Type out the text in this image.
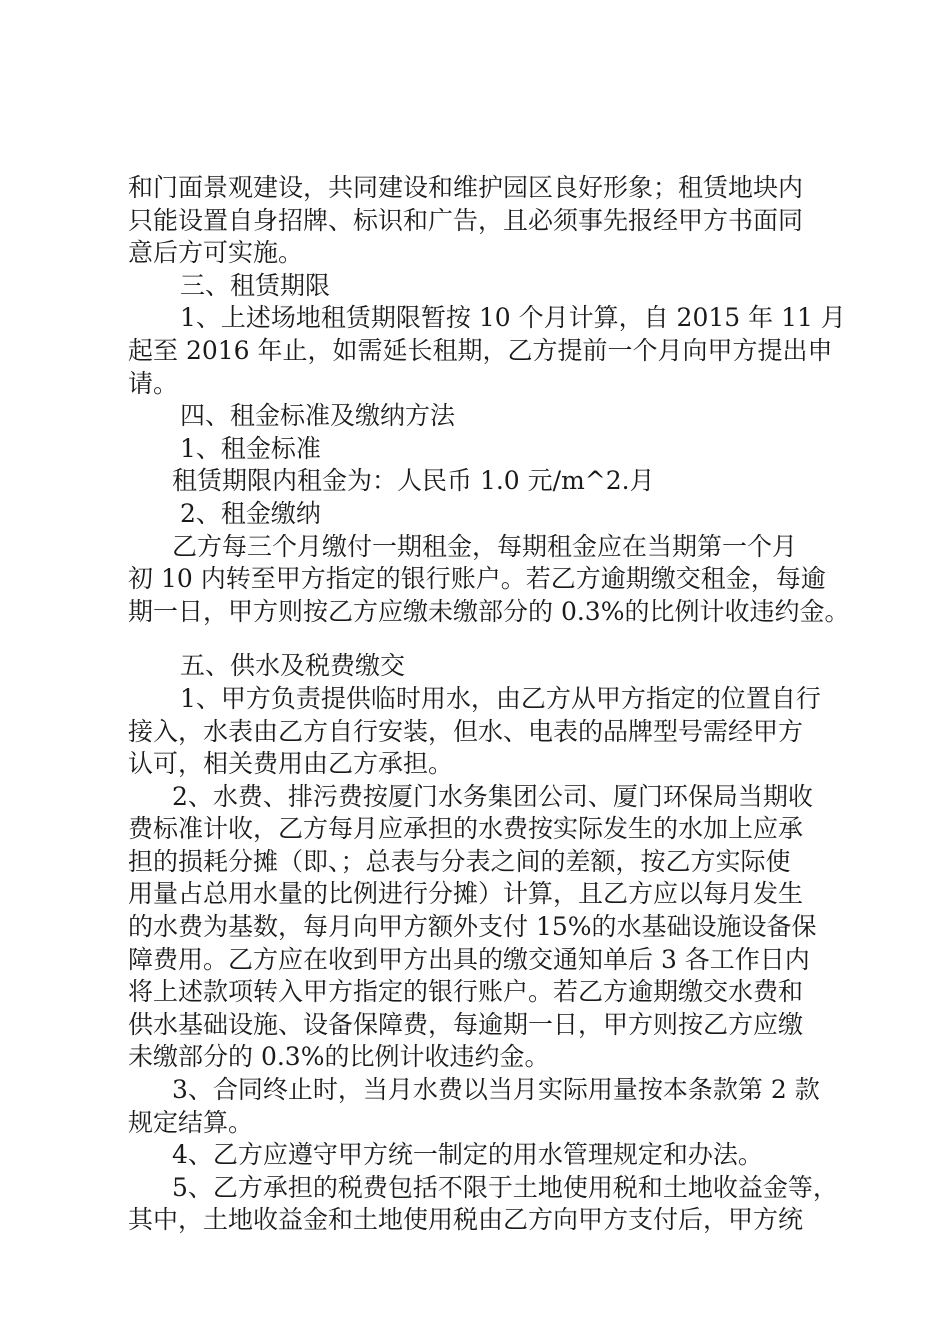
和门面景观建设，共同建设和维护园区良好形象；租赁地块内
只能设置自身招牌、标识和广告，且必须事先报经甲方书面同
意后方可实施。
三、租赁期限
1、上述场地租赁期限暂按 10 个月计算，自 2015 年 11 月
起至 2016 年止，如需延长租期，乙方提前一个月向甲方提出申
请。
四、租金标准及缴纳方法
1、租金标准
租赁期限内租金为：人民币 1.0 元/m^2.月
2、租金缴纳
乙方每三个月缴付一期租金，每期租金应在当期第一个月
初 10 内转至甲方指定的银行账户。若乙方逾期缴交租金，每逾
期一日，甲方则按乙方应缴未缴部分的 0.3%的比例计收违约金。
五、供水及税费缴交
1、甲方负责提供临时用水，由乙方从甲方指定的位置自行
接入，水表由乙方自行安装，但水、电表的品牌型号需经甲方
认可，相关费用由乙方承担。
2、水费、排污费按厦门水务集团公司、厦门环保局当期收
费标准计收，乙方每月应承担的水费按实际发生的水加上应承
担的损耗分摊（即、；总表与分表之间的差额，按乙方实际使
用量占总用水量的比例进行分摊）计算，且乙方应以每月发生
的水费为基数，每月向甲方额外支付 15%的水基础设施设备保
障费用。乙方应在收到甲方出具的缴交通知单后 3 各工作日内
将上述款项转入甲方指定的银行账户。若乙方逾期缴交水费和
供水基础设施、设备保障费，每逾期一日，甲方则按乙方应缴
未缴部分的 0.3%的比例计收违约金。
3、合同终止时，当月水费以当月实际用量按本条款第 2 款
规定结算。
4、乙方应遵守甲方统一制定的用水管理规定和办法。
5、乙方承担的税费包括不限于土地使用税和土地收益金等，
其中，土地收益金和土地使用税由乙方向甲方支付后，甲方统
